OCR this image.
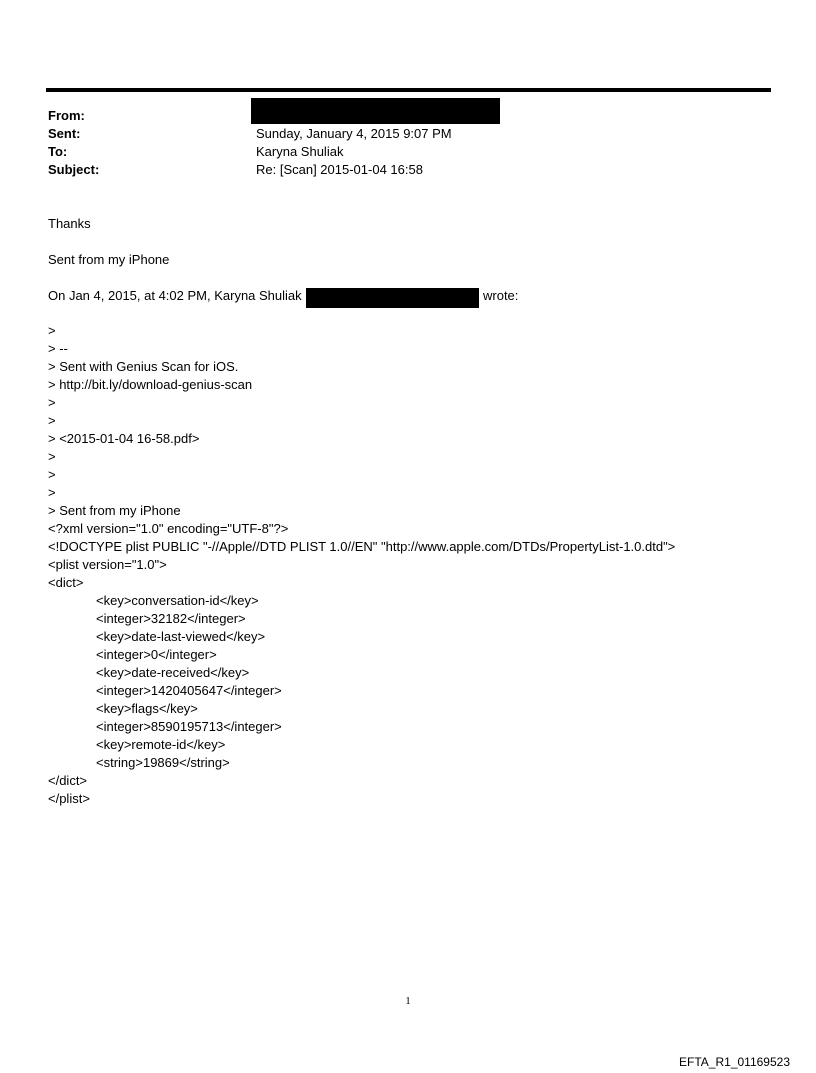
From:
Sent:	Sunday, January 4, 2015 9:07 PM
To:	Karyna Shuliak
Subject:	Re: [Scan] 2015-01-04 16:58
Thanks
Sent from my iPhone
On Jan 4, 2015, at 4:02 PM, Karyna Shuliak	wrote:
>
> --
> Sent with Genius Scan for iOS.
> http://bit.ly/download-genius-scan
>
>
> <2015-01-04 16-58.pdf>
>
>
>
> Sent from my iPhone
<?xml version="1.0" encoding="UTF-8"?>
<!DOCTYPE plist PUBLIC "-//Apple//DTD PLIST 1.0//EN" "http://www.apple.com/DTDs/PropertyList-1.0.dtd">
<plist version="1.0">
<dict>
<key>conversation-id</key>
<integer>32182</integer>
<key>date-last-viewed</key>
<integer>0</integer>
<key>date-received</key>
<integer>1420405647</integer>
<key>flags</key>
<integer>8590195713</integer>
<key>remote-id</key>
<string>19869</string>
</dict>
</plist>
1
EFTA_R1_01169523
